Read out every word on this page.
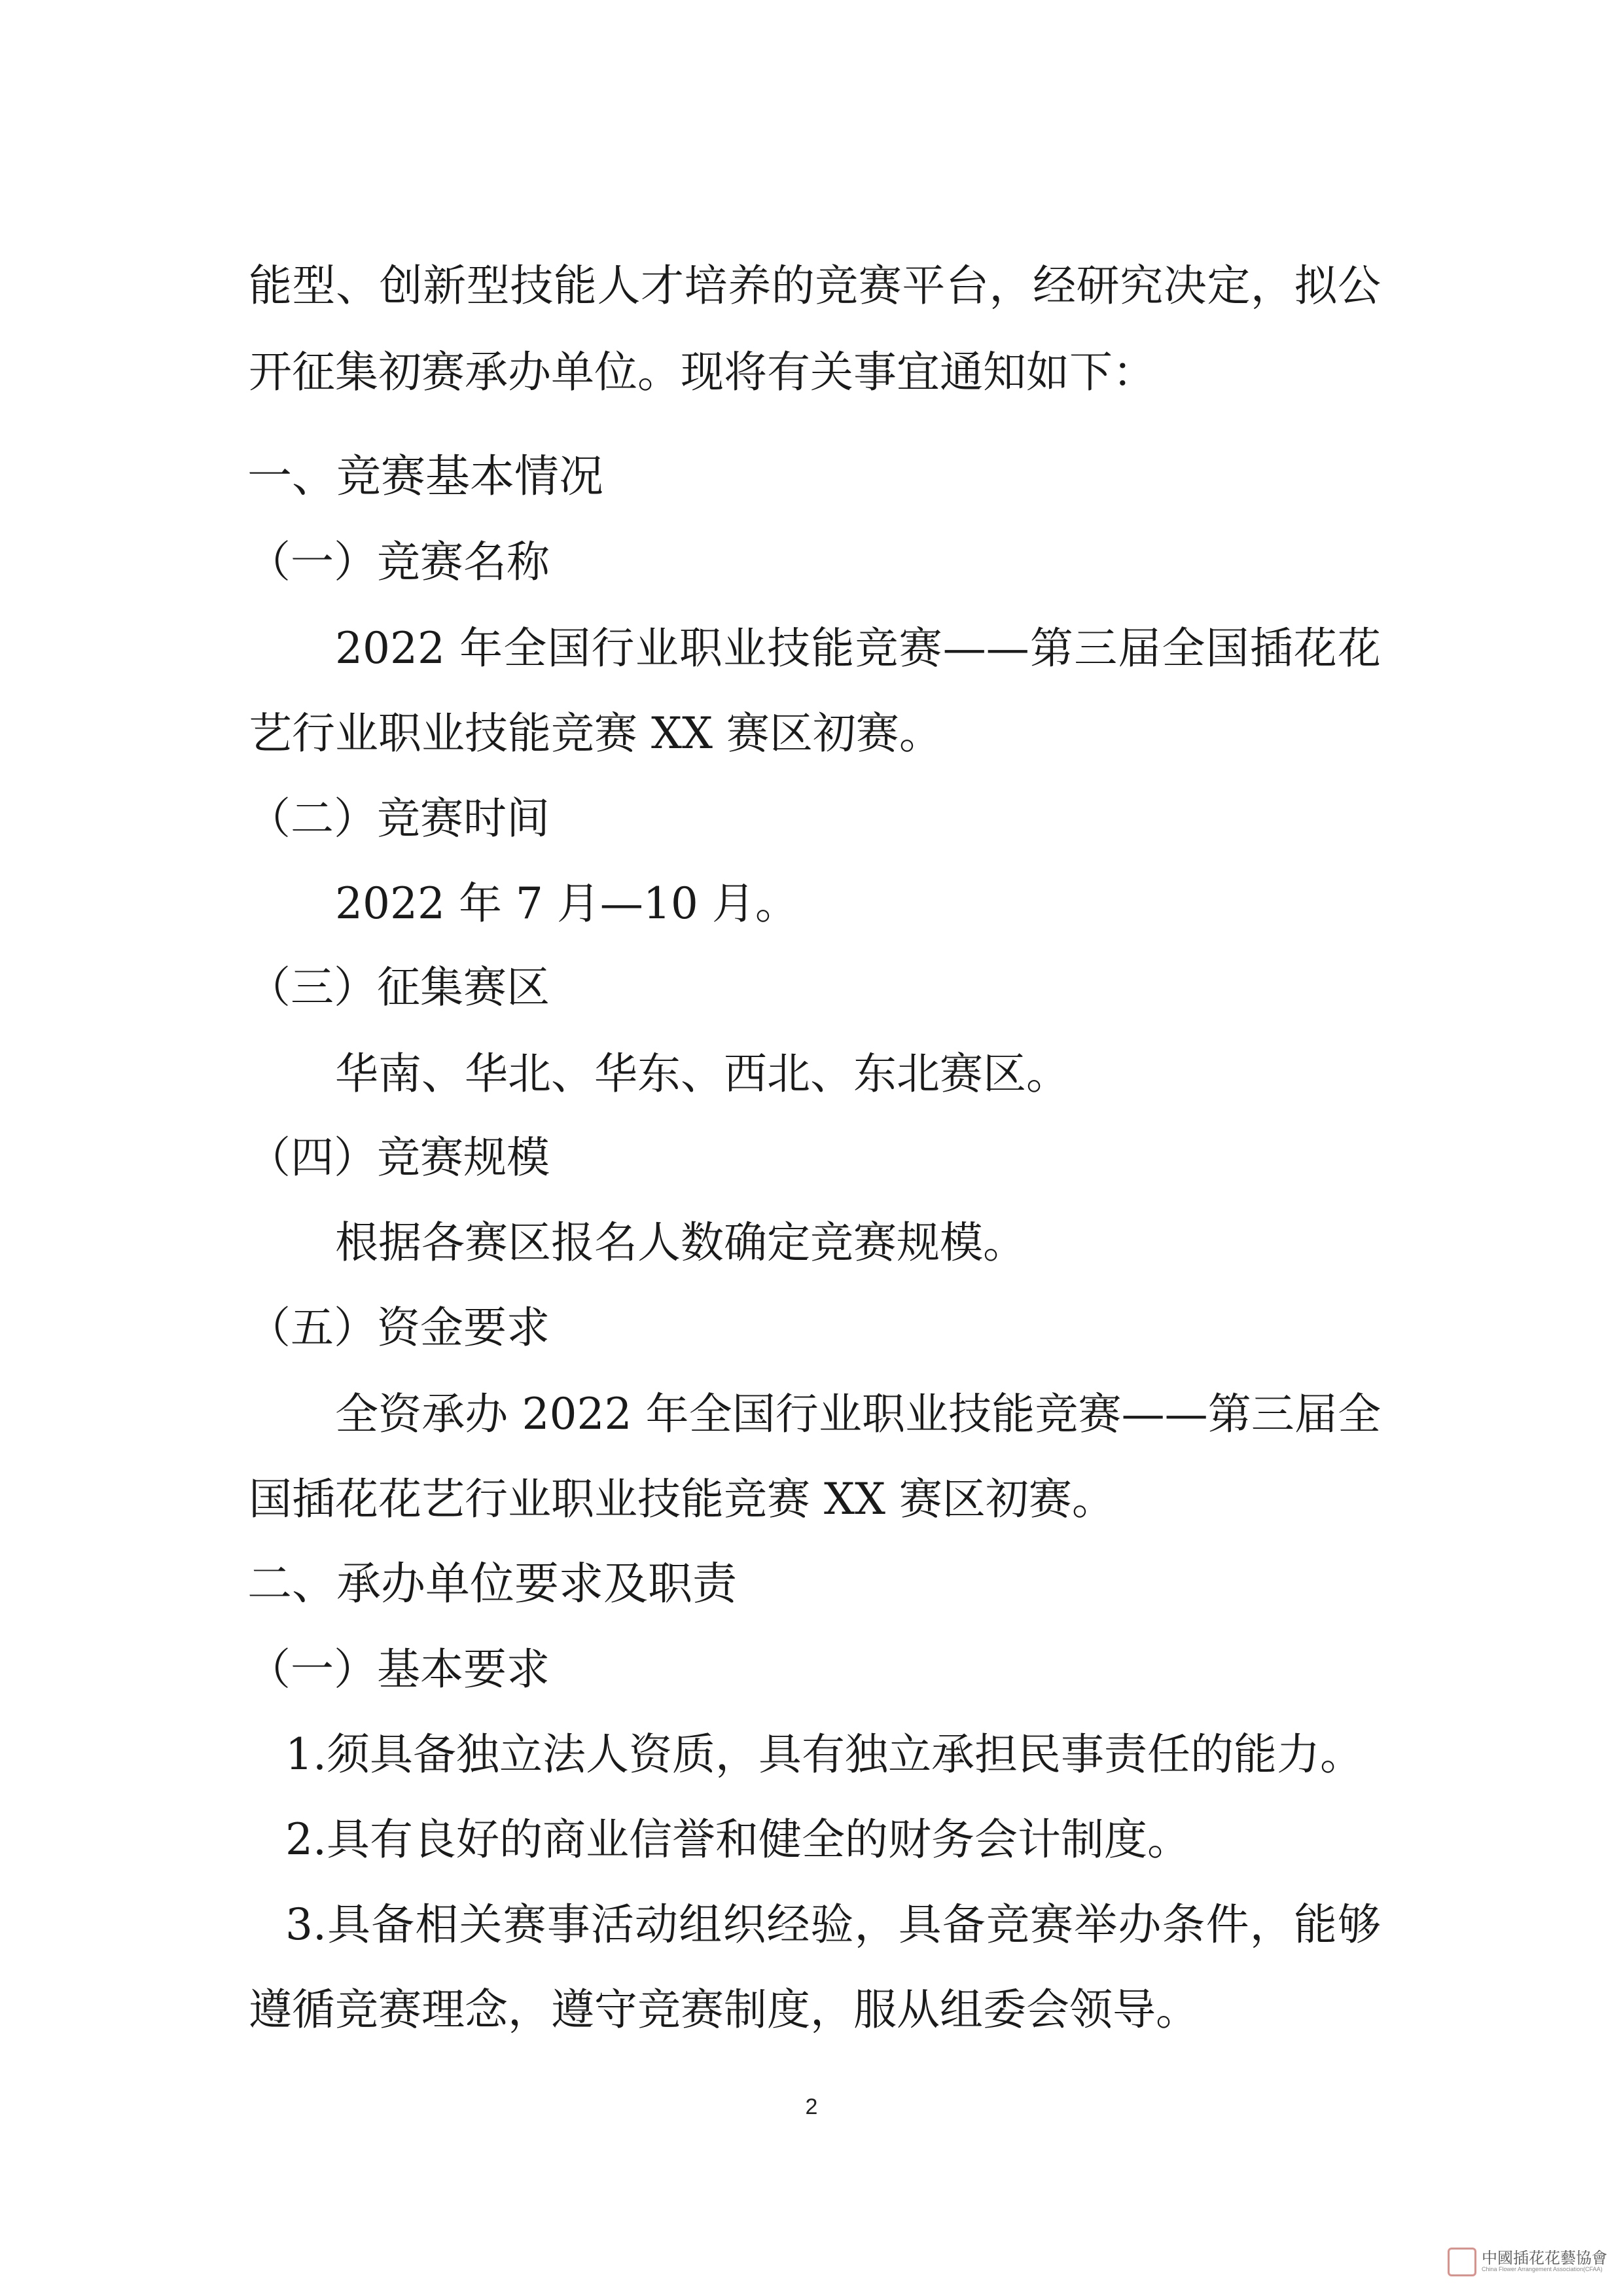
能型、创新型技能人才培养的竞赛平台，经研究决定，拟公
开征集初赛承办单位。现将有关事宜通知如下：
一、竞赛基本情况
（一）竞赛名称
2022 年全国行业职业技能竞赛——第三届全国插花花
艺行业职业技能竞赛 XX 赛区初赛。
（二）竞赛时间
2022 年 7 月—10 月。
（三）征集赛区
华南、华北、华东、西北、东北赛区。
（四）竞赛规模
根据各赛区报名人数确定竞赛规模。
（五）资金要求
全资承办 2022 年全国行业职业技能竞赛——第三届全
国插花花艺行业职业技能竞赛 XX 赛区初赛。
二、承办单位要求及职责
（一）基本要求
1.须具备独立法人资质，具有独立承担民事责任的能力。
2.具有良好的商业信誉和健全的财务会计制度。
3.具备相关赛事活动组织经验，具备竞赛举办条件，能够
遵循竞赛理念，遵守竞赛制度，服从组委会领导。
2
中國插花花藝協會
China Flower Arrangement Association(CFAA)
